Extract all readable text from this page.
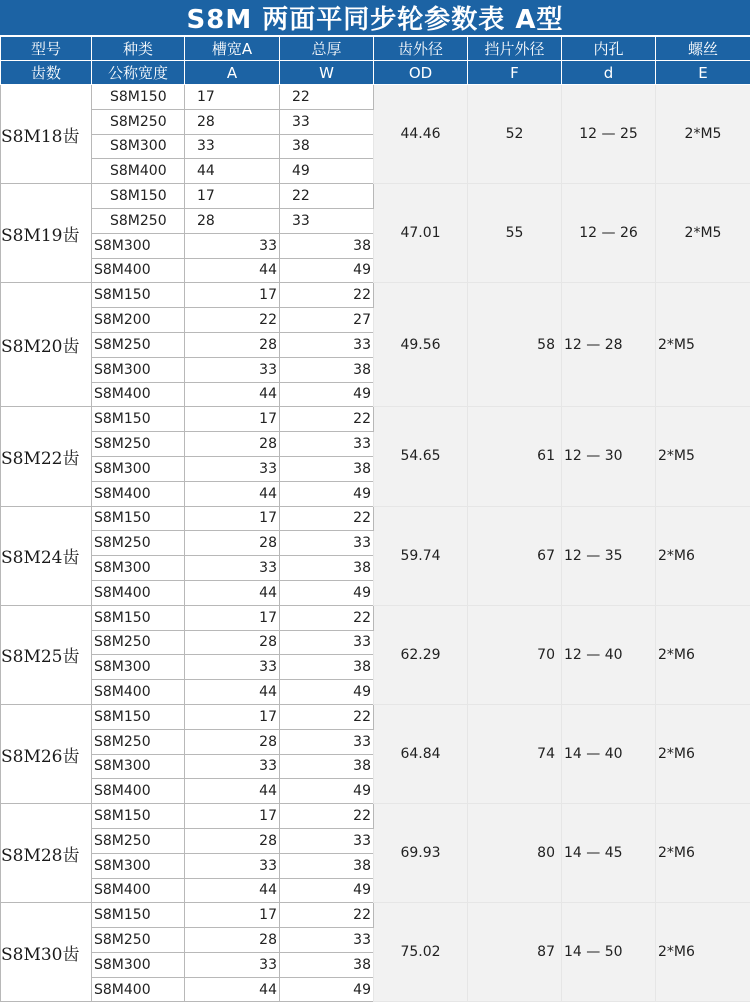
S8M 两面平同步轮参数表 A型
型号	种类	槽宽A	总厚	齿外径	挡片外径	内孔	螺丝
齿数	公称宽度	A	W	OD	F	d	E
S8M18齿	S8M150	17	22	44.46	52	12 — 25	2*M5
	S8M250	28	33				
	S8M300	33	38				
	S8M400	44	49				
S8M19齿	S8M150	17	22	47.01	55	12 — 26	2*M5
	S8M250	28	33				
	S8M300	33	38				
	S8M400	44	49				
S8M20齿	S8M150	17	22	49.56	58	12 — 28	2*M5
	S8M200	22	27				
	S8M250	28	33				
	S8M300	33	38				
	S8M400	44	49				
S8M22齿	S8M150	17	22	54.65	61	12 — 30	2*M5
	S8M250	28	33				
	S8M300	33	38				
	S8M400	44	49				
S8M24齿	S8M150	17	22	59.74	67	12 — 35	2*M6
	S8M250	28	33				
	S8M300	33	38				
	S8M400	44	49				
S8M25齿	S8M150	17	22	62.29	70	12 — 40	2*M6
	S8M250	28	33				
	S8M300	33	38				
	S8M400	44	49				
S8M26齿	S8M150	17	22	64.84	74	14 — 40	2*M6
	S8M250	28	33				
	S8M300	33	38				
	S8M400	44	49				
S8M28齿	S8M150	17	22	69.93	80	14 — 45	2*M6
	S8M250	28	33				
	S8M300	33	38				
	S8M400	44	49				
S8M30齿	S8M150	17	22	75.02	87	14 — 50	2*M6
	S8M250	28	33				
	S8M300	33	38				
	S8M400	44	49				
